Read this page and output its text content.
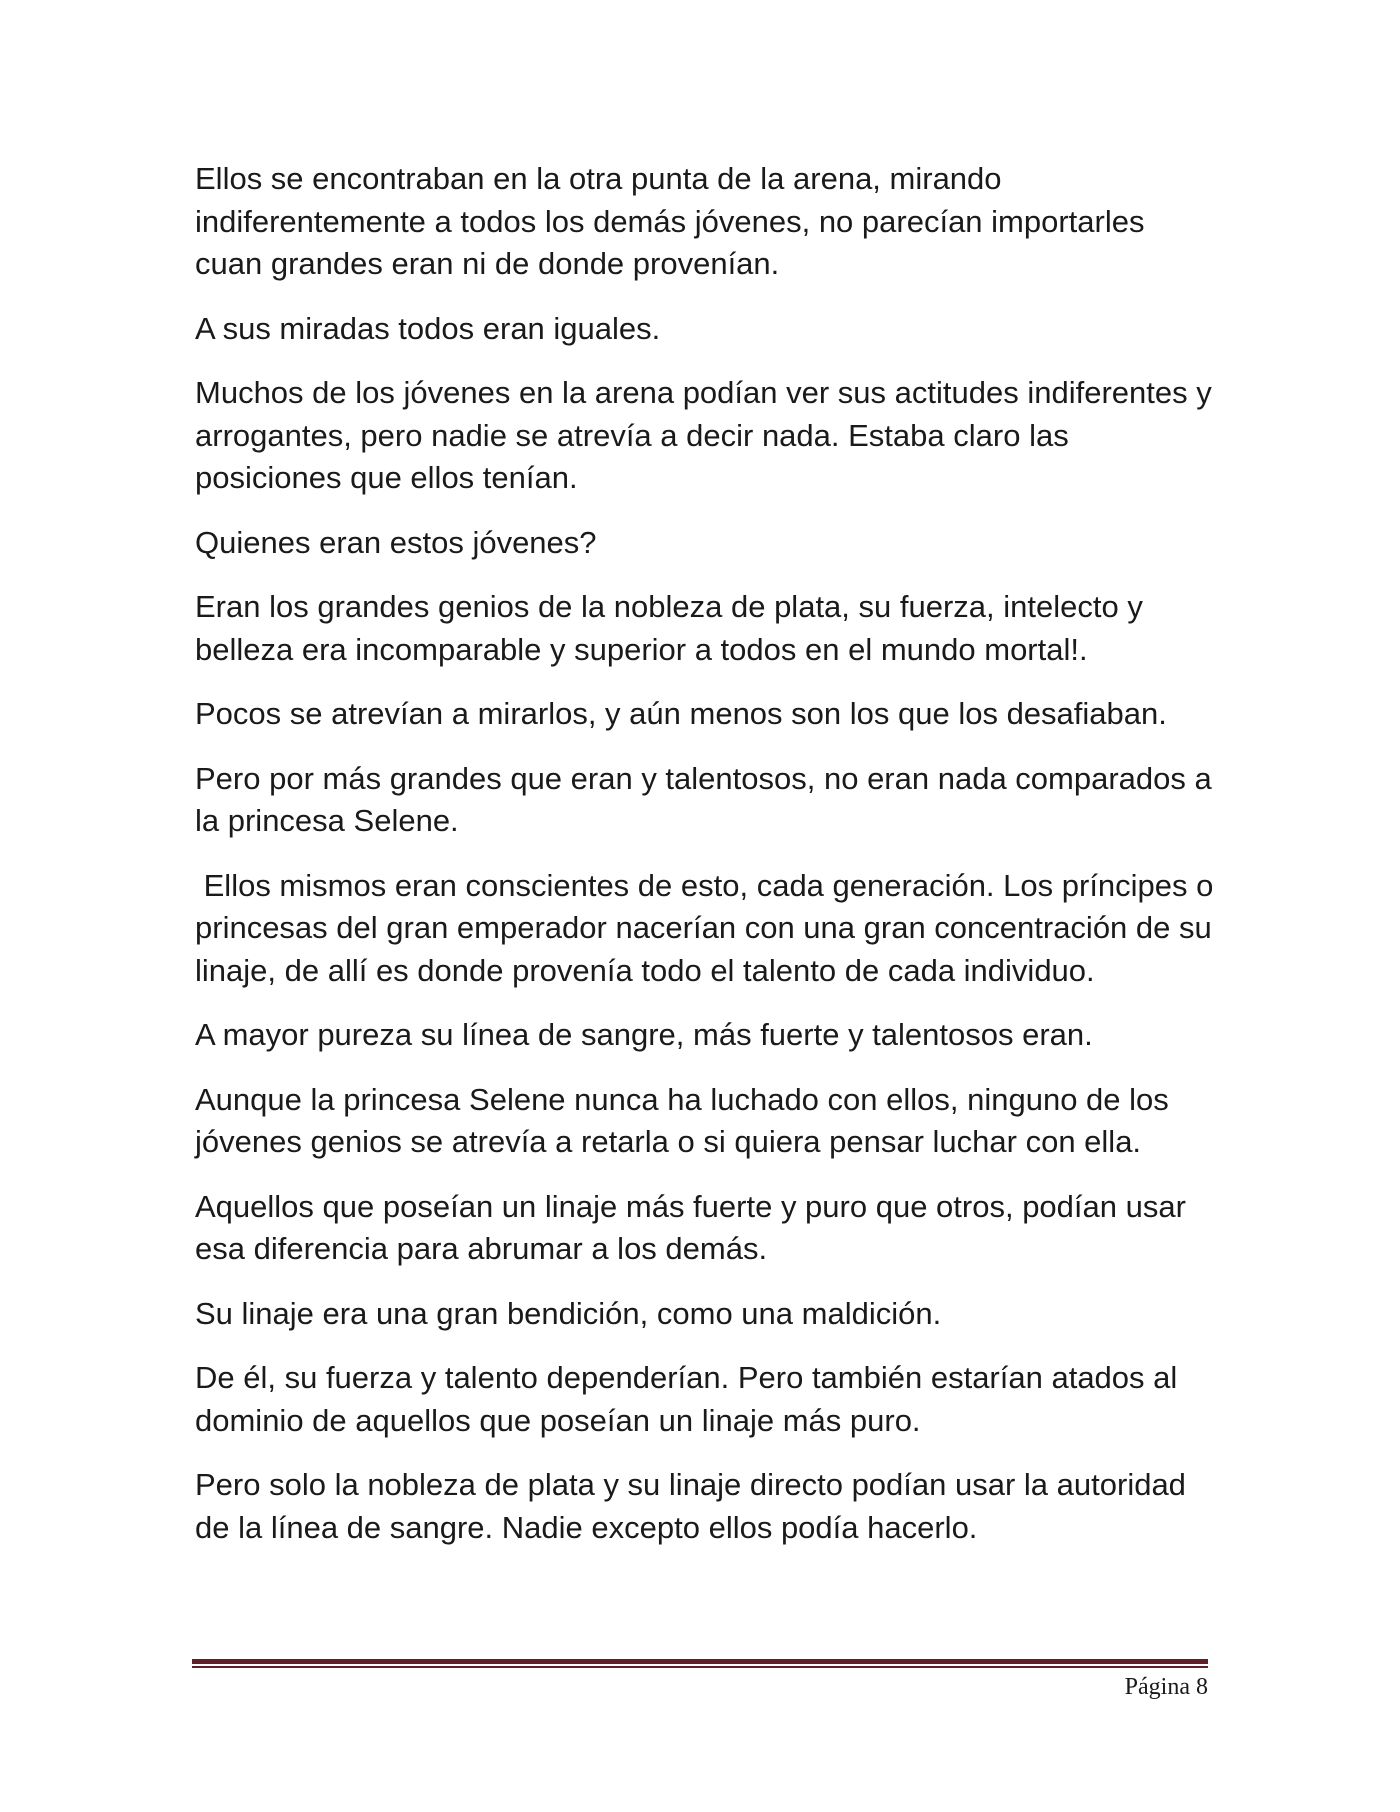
Ellos se encontraban en la otra punta de la arena, mirando indiferentemente a todos los demás jóvenes, no parecían importarles cuan grandes eran ni de donde provenían.

A sus miradas todos eran iguales.

Muchos de los jóvenes en la arena podían ver sus actitudes indiferentes y arrogantes, pero nadie se atrevía a decir nada. Estaba claro las posiciones que ellos tenían.

Quienes eran estos jóvenes?

Eran los grandes genios de la nobleza de plata, su fuerza, intelecto y belleza era incomparable y superior a todos en el mundo mortal!.

Pocos se atrevían a mirarlos, y aún menos son los que los desafiaban.

Pero por más grandes que eran y talentosos, no eran nada comparados a la princesa Selene.

Ellos mismos eran conscientes de esto, cada generación. Los príncipes o princesas del gran emperador nacerían con una gran concentración de su linaje, de allí es donde provenía todo el talento de cada individuo.

A mayor pureza su línea de sangre, más fuerte y talentosos eran.

Aunque la princesa Selene nunca ha luchado con ellos, ninguno de los jóvenes genios se atrevía a retarla o si quiera pensar luchar con ella.

Aquellos que poseían un linaje más fuerte y puro que otros, podían usar esa diferencia para abrumar a los demás.

Su linaje era una gran bendición, como una maldición.

De él, su fuerza y talento dependerían. Pero también estarían atados al dominio de aquellos que poseían un linaje más puro.

Pero solo la nobleza de plata y su linaje directo podían usar la autoridad de la línea de sangre. Nadie excepto ellos podía hacerlo.

Página 8
